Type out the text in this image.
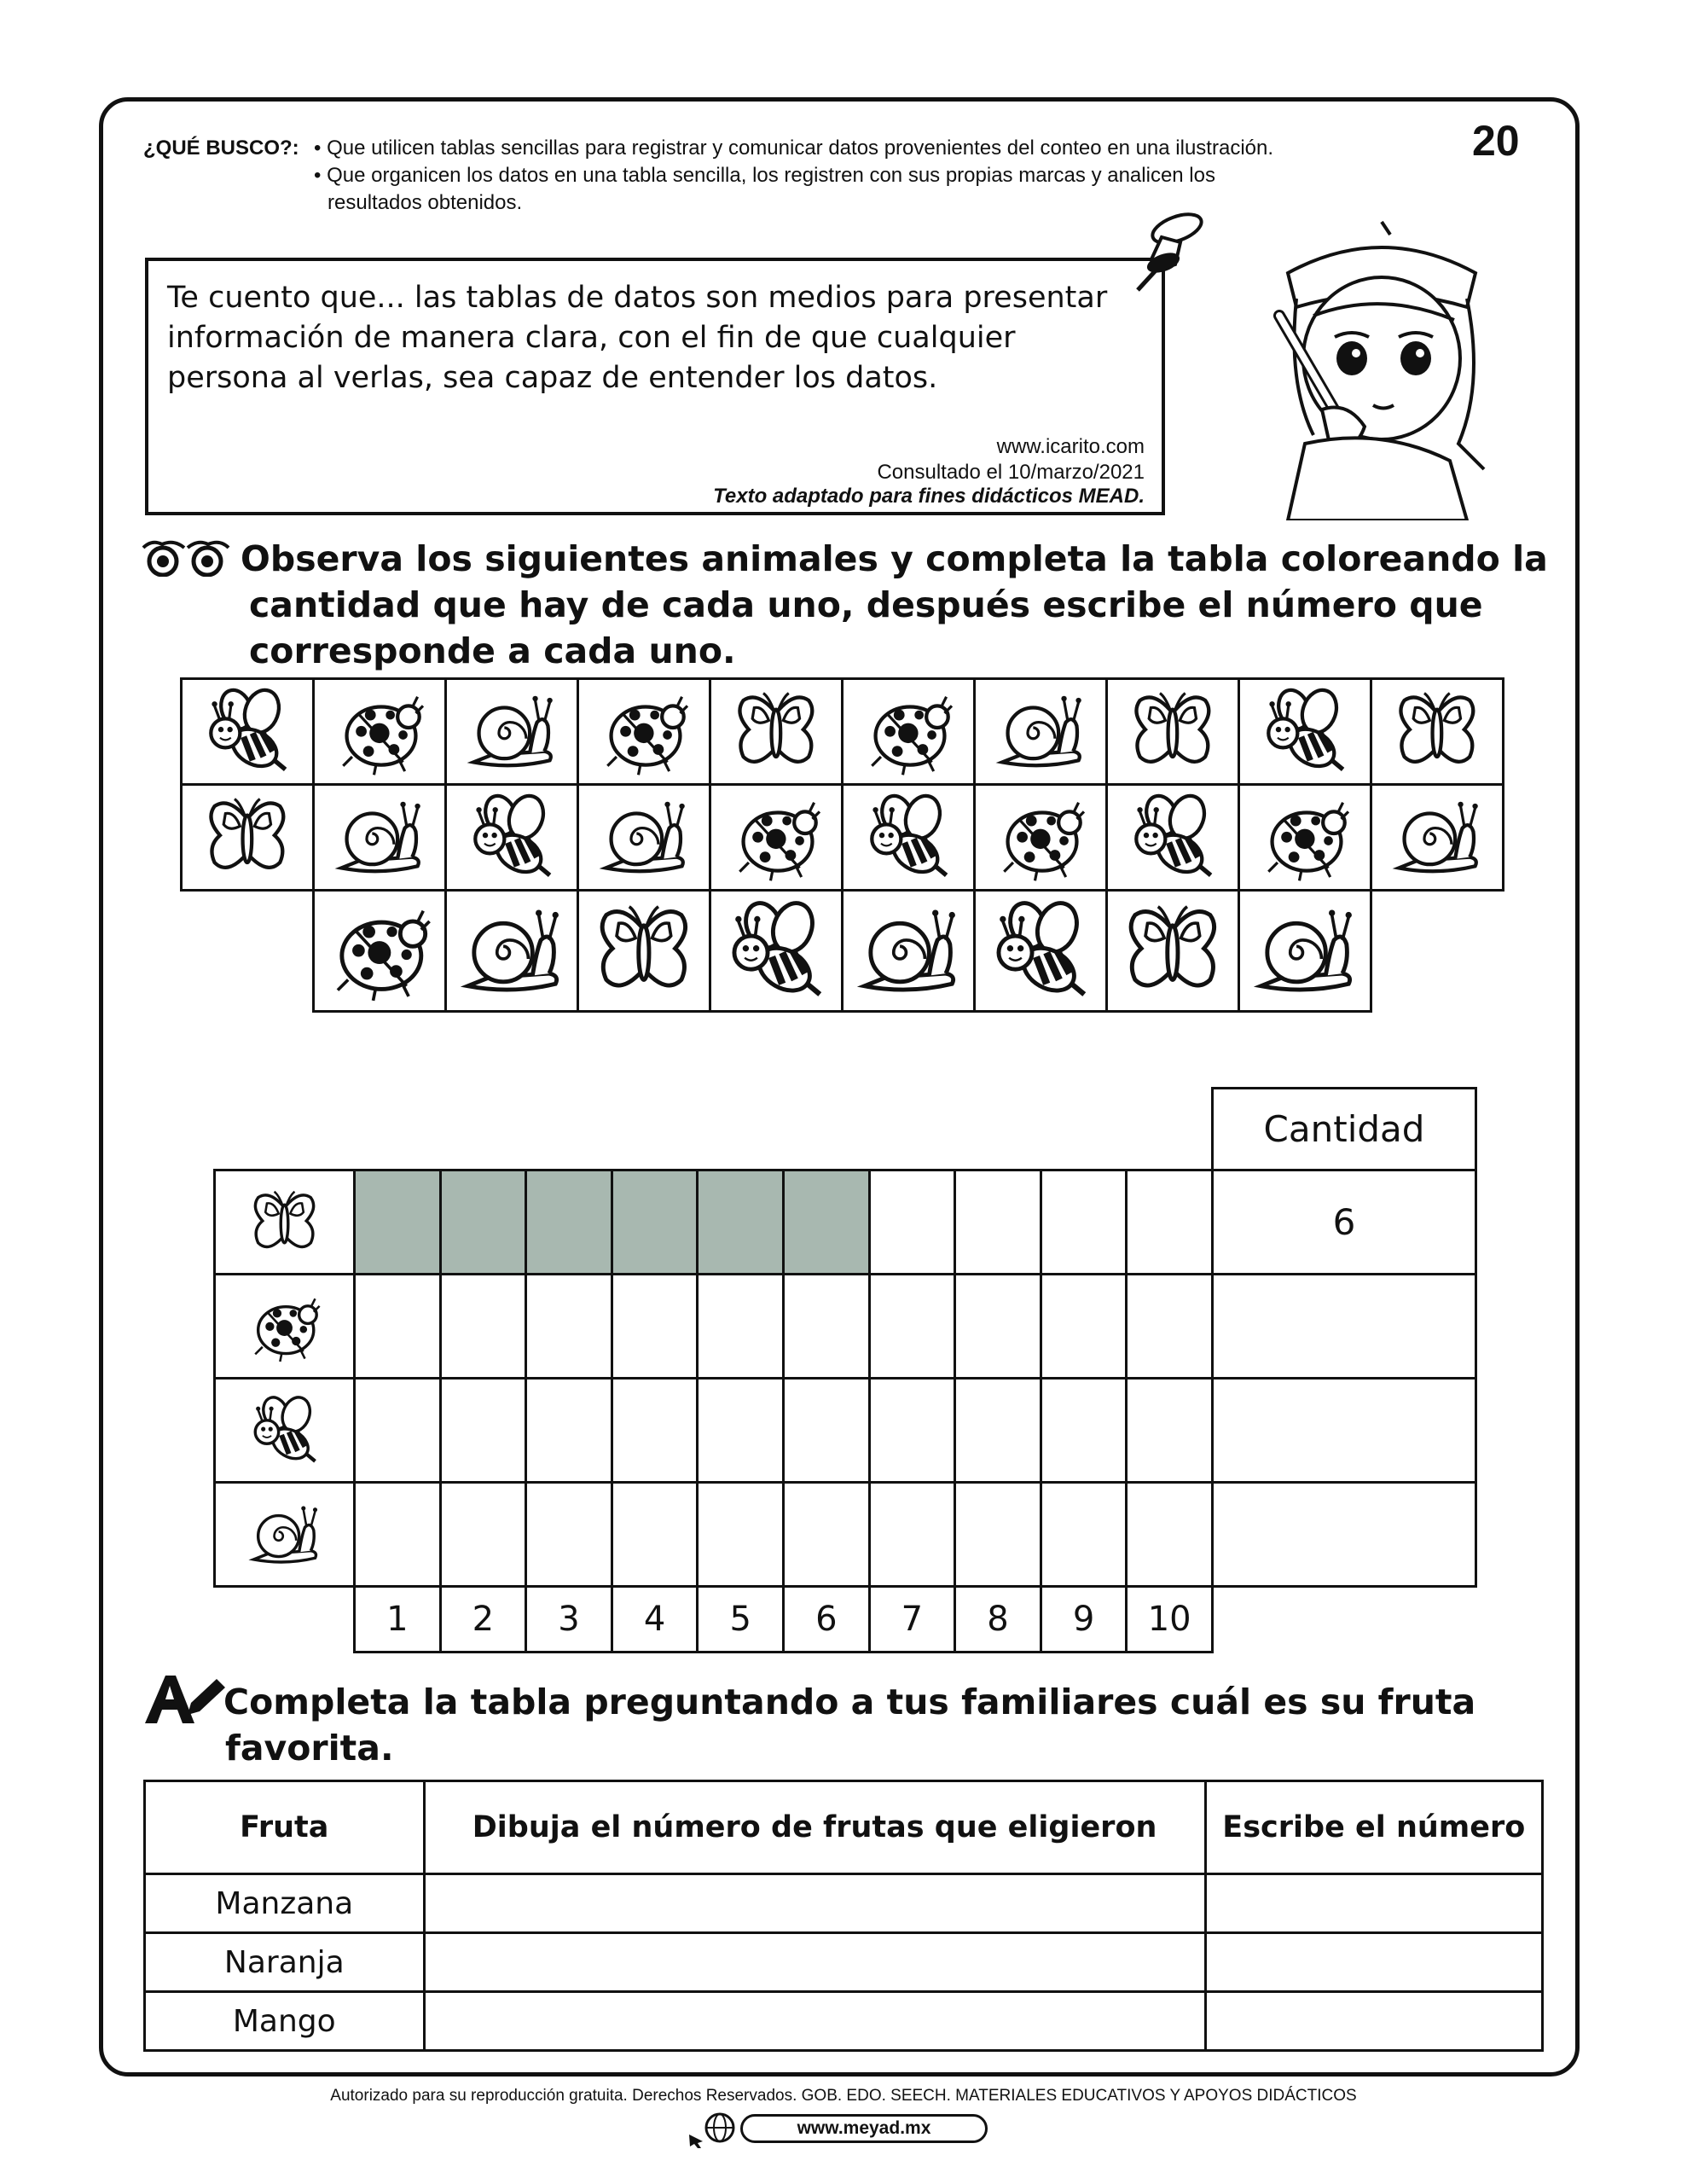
20
¿QUÉ BUSCO?: • Que utilicen tablas sencillas para registrar y comunicar datos provenientes del conteo en una ilustración.
• Que organicen los datos en una tabla sencilla, los registren con sus propias marcas y analicen los
resultados obtenidos.
Te cuento que... las tablas de datos son medios para presentar información de manera clara, con el fin de que cualquier persona al verlas, sea capaz de entender los datos.
www.icarito.com
Consultado el 10/marzo/2021
Texto adaptado para fines didácticos MEAD.
Observa los siguientes animales y completa la tabla coloreando la
cantidad que hay de cada uno, después escribe el número que
corresponde a cada uno.
Cantidad
6
1	2	3	4	5	6	7	8	9	10
Completa la tabla preguntando a tus familiares cuál es su fruta
favorita.
Fruta	Dibuja el número de frutas que eligieron	Escribe el número
Manzana		
Naranja		
Mango		
Autorizado para su reproducción gratuita. Derechos Reservados. GOB. EDO. SEECH. MATERIALES EDUCATIVOS Y APOYOS DIDÁCTICOS
www.meyad.mx
